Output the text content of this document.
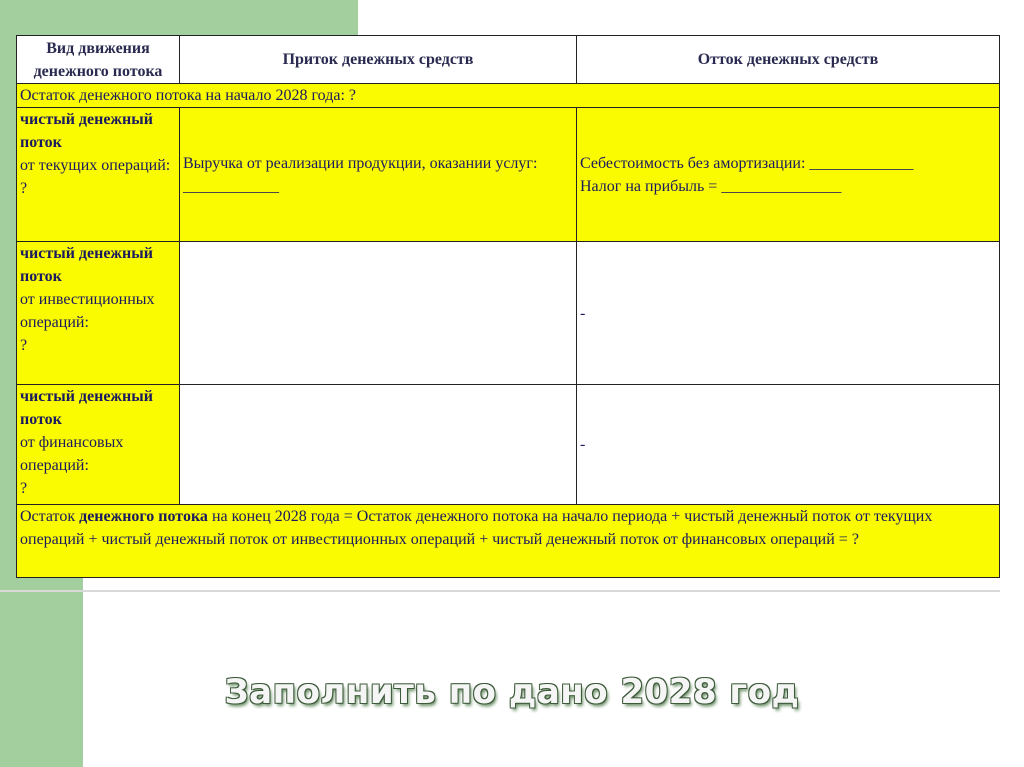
Вид движения денежного потока	Приток денежных средств	Отток денежных средств
Остаток денежного потока на начало 2028 года: ?		

чистый денежный поток
от текущих операций:
?	Выручка от реализации продукции, оказании услуг: ____________	Себестоимость без амортизации: _____________
Налог на прибыль = _______________

чистый денежный поток
от инвестиционных операций:
?		-

чистый денежный поток
от финансовых операций:
?		-

Остаток денежного потока на конец 2028 года = Остаток денежного потока на начало периода + чистый денежный поток от текущих операций + чистый денежный поток от инвестиционных операций + чистый денежный поток от финансовых операций = ?		
Заполнить по дано 2028 год
